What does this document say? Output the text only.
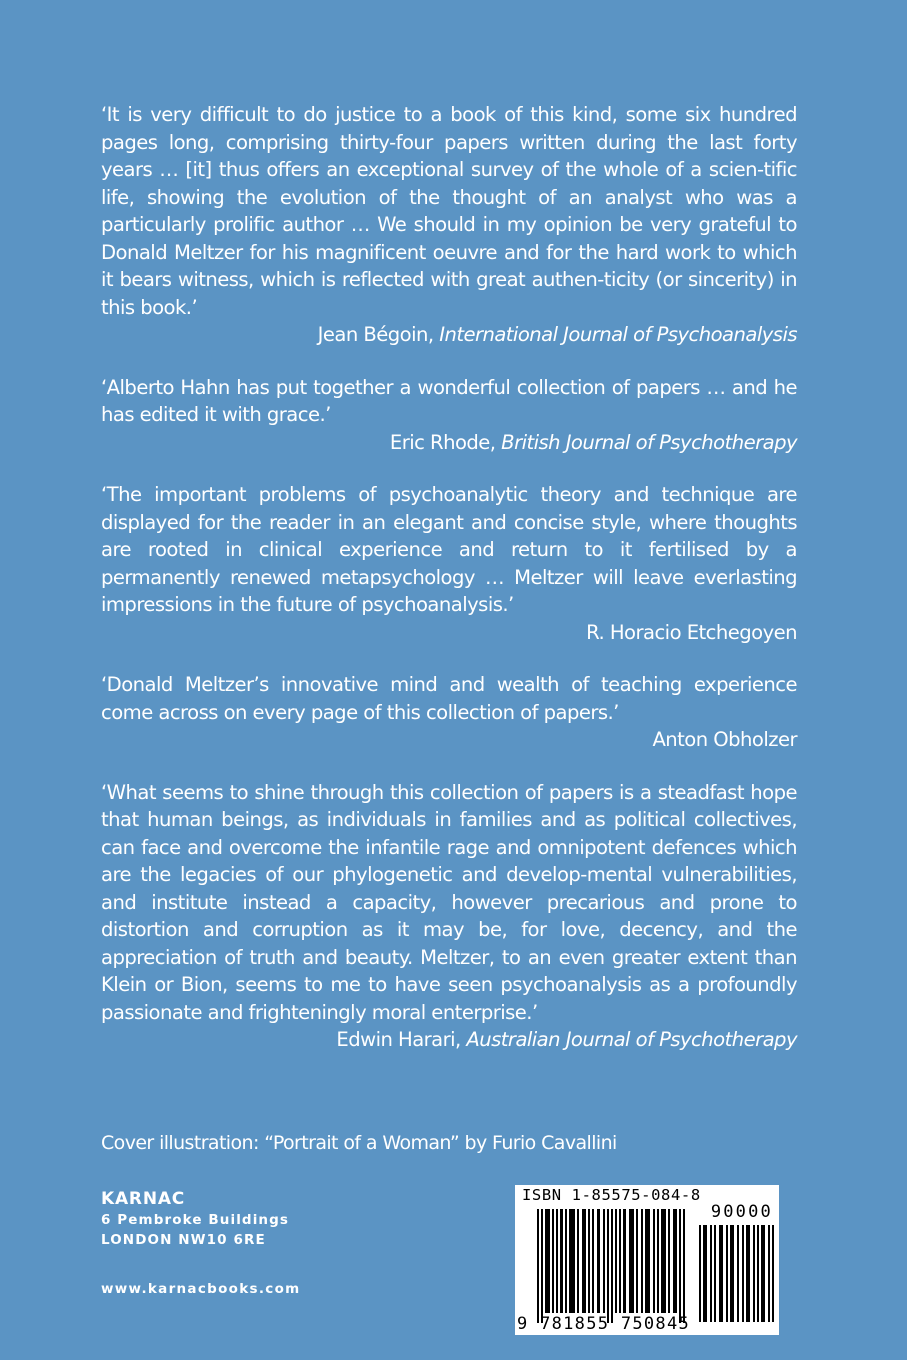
‘It is very difficult to do justice to a book of this kind, some six hundred pages long, comprising thirty-four papers written during the last forty years … [it] thus offers an exceptional survey of the whole of a scien-tific life, showing the evolution of the thought of an analyst who was a particularly prolific author … We should in my opinion be very grateful to Donald Meltzer for his magnificent oeuvre and for the hard work to which it bears witness, which is reflected with great authen-ticity (or sincerity) in this book.’

Jean Bégoin, International Journal of Psychoanalysis

‘Alberto Hahn has put together a wonderful collection of papers … and he has edited it with grace.’

Eric Rhode, British Journal of Psychotherapy

‘The important problems of psychoanalytic theory and technique are displayed for the reader in an elegant and concise style, where thoughts are rooted in clinical experience and return to it fertilised by a permanently renewed metapsychology … Meltzer will leave everlasting impressions in the future of psychoanalysis.’

R. Horacio Etchegoyen

‘Donald Meltzer’s innovative mind and wealth of teaching experience come across on every page of this collection of papers.’

Anton Obholzer

‘What seems to shine through this collection of papers is a steadfast hope that human beings, as individuals in families and as political collectives, can face and overcome the infantile rage and omnipotent defences which are the legacies of our phylogenetic and develop-mental vulnerabilities, and institute instead a capacity, however precarious and prone to distortion and corruption as it may be, for love, decency, and the appreciation of truth and beauty. Meltzer, to an even greater extent than Klein or Bion, seems to me to have seen psychoanalysis as a profoundly passionate and frighteningly moral enterprise.’

Edwin Harari, Australian Journal of Psychotherapy

Cover illustration: “Portrait of a Woman” by Furio Cavallini

KARNAC
6 Pembroke Buildings
LONDON NW10 6RE
www.karnacbooks.com
ISBN 1-85575-084-8
90000
9 781855 750845
